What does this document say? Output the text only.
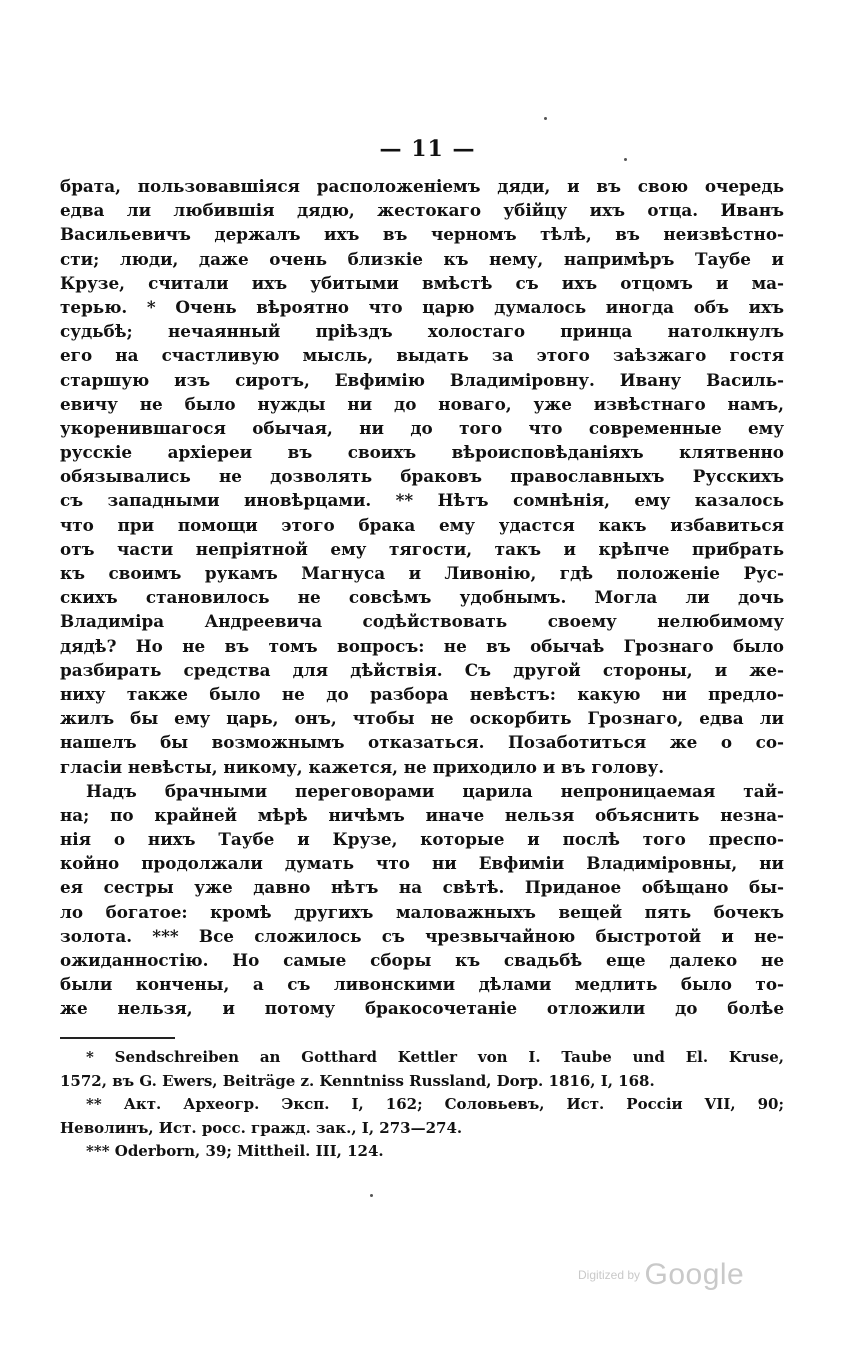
— 11 —
брата, пользовавшiяся расположенiемъ дяди, и въ свою очередь
едва ли любившiя дядю, жестокаго убiйцу ихъ отца. Иванъ
Васильевичъ держалъ ихъ въ черномъ тѣлѣ, въ неизвѣстно-
сти; люди, даже очень близкiе къ нему, напримѣръ Таубе и
Крузе, считали ихъ убитыми вмѣстѣ съ ихъ отцомъ и ма-
терью. * Очень вѣроятно что царю думалось иногда объ ихъ
судьбѣ; нечаянный прiѣздъ холостаго принца натолкнулъ
его на счастливую мысль, выдать за этого заѣзжаго гостя
старшую изъ сиротъ, Евфимiю Владимiровну. Ивану Василь-
евичу не было нужды ни до новаго, уже извѣстнаго намъ,
укоренившагося обычая, ни до того что современные ему
русскiе архiереи въ своихъ вѣроисповѣданiяхъ клятвенно
обязывались не дозволять браковъ православныхъ Русскихъ
съ западными иновѣрцами. ** Нѣтъ сомнѣнiя, ему казалось
что при помощи этого брака ему удастся какъ избавиться
отъ части непрiятной ему тягости, такъ и крѣпче прибрать
къ своимъ рукамъ Магнуса и Ливонiю, гдѣ положенiе Рус-
скихъ становилось не совсѣмъ удобнымъ. Могла ли дочь
Владимiра Андреевича содѣйствовать своему нелюбимому
дядѣ? Но не въ томъ вопросъ: не въ обычаѣ Грознаго было
разбирать средства для дѣйствiя. Съ другой стороны, и же-
ниху также было не до разбора невѣстъ: какую ни предло-
жилъ бы ему царь, онъ, чтобы не оскорбить Грознаго, едва ли
нашелъ бы возможнымъ отказаться. Позаботиться же о со-
гласiи невѣсты, никому, кажется, не приходило и въ голову.
Надъ брачными переговорами царила непроницаемая тай-
на; по крайней мѣрѣ ничѣмъ иначе нельзя объяснить незна-
нiя о нихъ Таубе и Крузе, которые и послѣ того преспо-
койно продолжали думать что ни Евфимiи Владимiровны, ни
ея сестры уже давно нѣтъ на свѣтѣ. Приданое обѣщано бы-
ло богатое: кромѣ другихъ маловажныхъ вещей пять бочекъ
золота. *** Все сложилось съ чрезвычайною быстротой и не-
ожиданностiю. Но самые сборы къ свадьбѣ еще далеко не
были кончены, а съ ливонскими дѣлами медлить было то-
же нельзя, и потому бракосочетанiе отложили до болѣе
* Sendschreiben an Gotthard Kettler von I. Taube und El. Kruse,
1572, въ G. Ewers, Beiträge z. Kenntniss Russland, Dorp. 1816, I, 168.
** Акт. Археогр. Эксп. I, 162; Соловьевъ, Ист. Россiи VII, 90;
Неволинъ, Ист. росс. гражд. зак., I, 273—274.
*** Oderborn, 39; Mittheil. III, 124.
Digitized by Google
